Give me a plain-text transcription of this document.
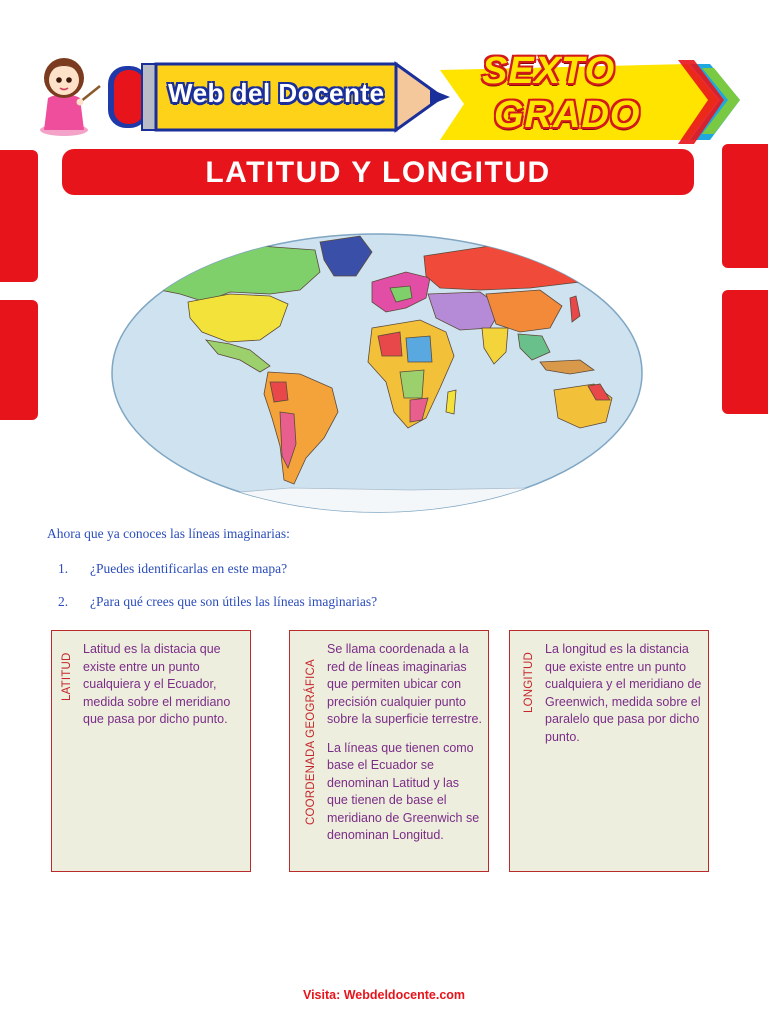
Web del Docente
SEXTO
GRADO
LATITUD Y LONGITUD
Ahora que ya conoces las líneas imaginarias:
1. ¿Puedes identificarlas en este mapa?
2. ¿Para qué crees que son útiles las líneas imaginarias?
LATITUD

Latitud es la distacia que existe entre un punto cualquiera y el Ecuador, medida sobre el meridiano que pasa por dicho punto.	COORDENADA GEOGRÁFICA

Se llama coordenada a la red de líneas imaginarias que permiten ubicar con precisión cualquier punto sobre la superficie terrestre.

La líneas que tienen como base el Ecuador se denominan Latitud y las que tienen de base el meridiano de Greenwich se denominan Longitud.

LONGITUD

La longitud es la distancia que existe entre un punto cualquiera y el meridiano de Greenwich, medida sobre el paralelo que pasa por dicho punto.

Visita: Webdeldocente.com
